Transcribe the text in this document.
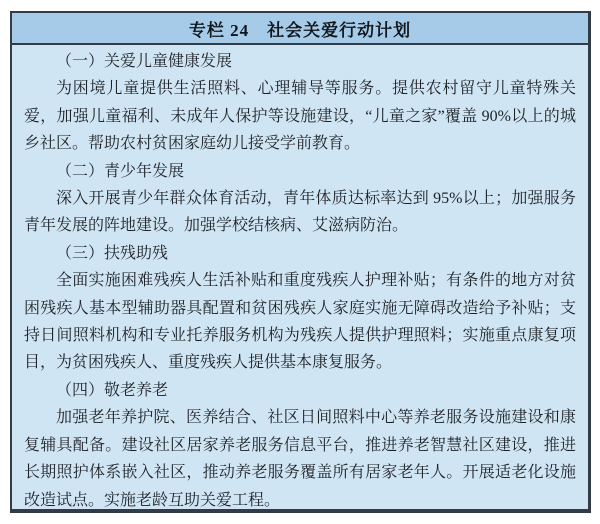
专栏 24　社会关爱行动计划

（一）关爱儿童健康发展

为困境儿童提供生活照料、心理辅导等服务。提供农村留守儿童特殊关爱，加强儿童福利、未成年人保护等设施建设，“儿童之家”覆盖 90%以上的城乡社区。帮助农村贫困家庭幼儿接受学前教育。

（二）青少年发展

深入开展青少年群众体育活动，青年体质达标率达到 95%以上；加强服务青年发展的阵地建设。加强学校结核病、艾滋病防治。

（三）扶残助残

全面实施困难残疾人生活补贴和重度残疾人护理补贴；有条件的地方对贫困残疾人基本型辅助器具配置和贫困残疾人家庭实施无障碍改造给予补贴；支持日间照料机构和专业托养服务机构为残疾人提供护理照料；实施重点康复项目，为贫困残疾人、重度残疾人提供基本康复服务。

（四）敬老养老

加强老年养护院、医养结合、社区日间照料中心等养老服务设施建设和康复辅具配备。建设社区居家养老服务信息平台，推进养老智慧社区建设，推进长期照护体系嵌入社区，推动养老服务覆盖所有居家老年人。开展适老化设施改造试点。实施老龄互助关爱工程。
